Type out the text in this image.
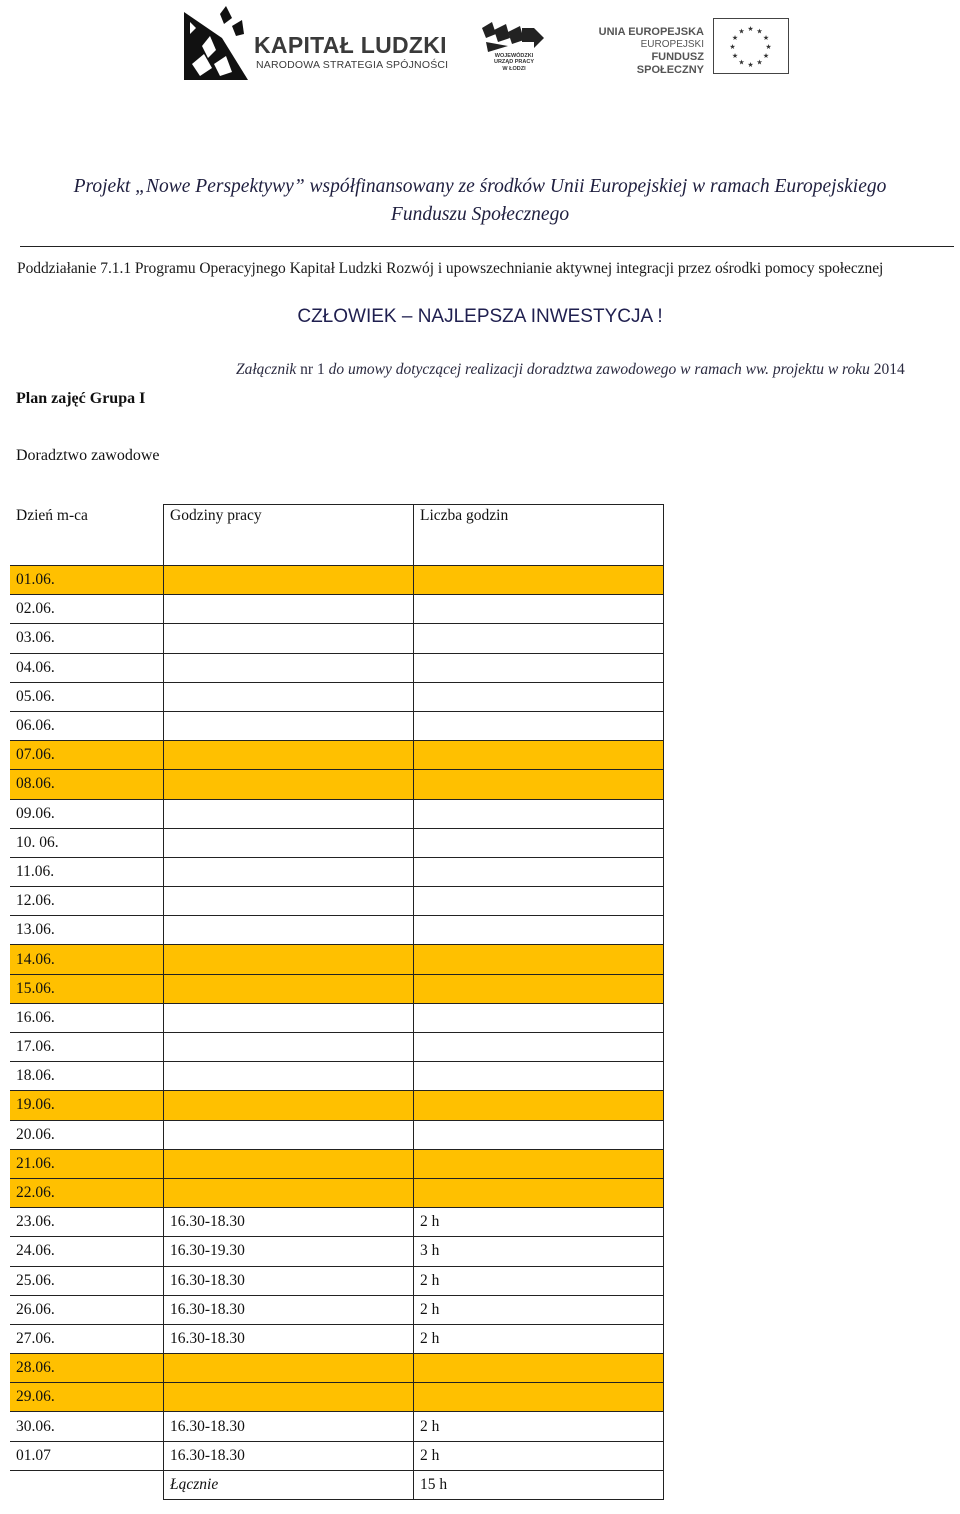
KAPITAŁ LUDZKI
NARODOWA STRATEGIA SPÓJNOŚCI
WOJEWÓDZKI
URZĄD PRACY
W ŁODZI
UNIA EUROPEJSKA
EUROPEJSKI
FUNDUSZ SPOŁECZNY
★ ★
★
★
★
★
★
★
★
★
★
★
Projekt „Nowe Perspektywy” współfinansowany ze środków Unii Europejskiej w ramach Europejskiego
Funduszu Społecznego
Poddziałanie 7.1.1 Programu Operacyjnego Kapitał Ludzki Rozwój i upowszechnianie aktywnej integracji przez ośrodki pomocy społecznej
CZŁOWIEK – NAJLEPSZA INWESTYCJA !
Załącznik nr 1 do umowy dotyczącej realizacji doradztwa zawodowego w ramach ww. projektu w roku 2014
Plan zajęć Grupa I
Doradztwo zawodowe
Dzień m-ca	Godziny pracy	Liczba godzin
01.06.		
02.06.		
03.06.		
04.06.		
05.06.		
06.06.		
07.06.		
08.06.		
09.06.		
10. 06.		
11.06.		
12.06.		
13.06.		
14.06.		
15.06.		
16.06.		
17.06.		
18.06.		
19.06.		
20.06.		
21.06.		
22.06.		
23.06.	16.30-18.30	2 h
24.06.	16.30-19.30	3 h
25.06.	16.30-18.30	2 h
26.06.	16.30-18.30	2 h
27.06.	16.30-18.30	2 h
28.06.		
29.06.		
30.06.	16.30-18.30	2 h
01.07	16.30-18.30	2 h
	Łącznie	15 h
